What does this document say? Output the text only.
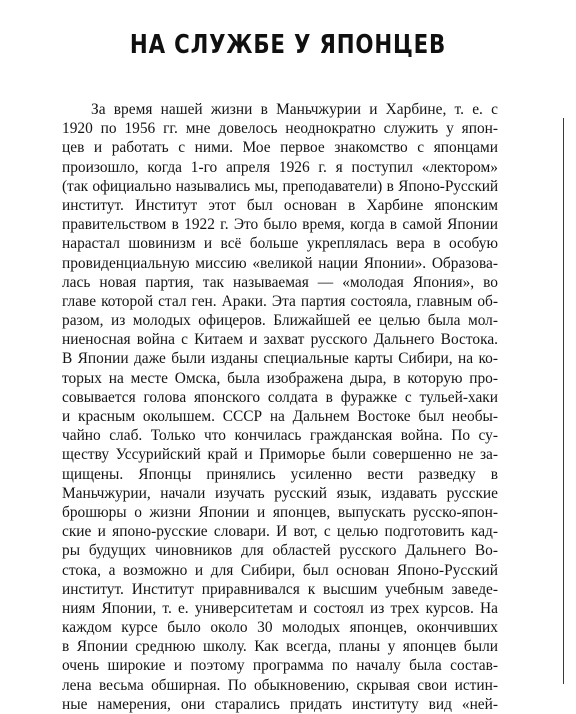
НА СЛУЖБЕ У ЯПОНЦЕВ
За время нашей жизни в Маньчжурии и Харбине, т. е. с
1920 по 1956 гг. мне довелось неоднократно служить у япон-
цев и работать с ними. Мое первое знакомство с японцами
произошло, когда 1-го апреля 1926 г. я поступил «лектором»
(так официально назывались мы, преподаватели) в Японо-Русский
институт. Институт этот был основан в Харбине японским
правительством в 1922 г. Это было время, когда в самой Японии
нарастал шовинизм и всё больше укреплялась вера в особую
провиденциальную миссию «великой нации Японии». Образова-
лась новая партия, так называемая — «молодая Япония», во
главе которой стал ген. Араки. Эта партия состояла, главным об-
разом, из молодых офицеров. Ближайшей ее целью была мол-
ниеносная война с Китаем и захват русского Дальнего Востока.
В Японии даже были изданы специальные карты Сибири, на ко-
торых на месте Омска, была изображена дыра, в которую про-
совывается голова японского солдата в фуражке с тульей-хаки
и красным околышем. СССР на Дальнем Востоке был необы-
чайно слаб. Только что кончилась гражданская война. По су-
ществу Уссурийский край и Приморье были совершенно не за-
щищены. Японцы принялись усиленно вести разведку в
Маньчжурии, начали изучать русский язык, издавать русские
брошюры о жизни Японии и японцев, выпускать русско-япон-
ские и японо-русские словари. И вот, с целью подготовить кад-
ры будущих чиновников для областей русского Дальнего Во-
стока, а возможно и для Сибири, был основан Японо-Русский
институт. Институт приравнивался к высшим учебным заведе-
ниям Японии, т. е. университетам и состоял из трех курсов. На
каждом курсе было около 30 молодых японцев, окончивших
в Японии среднюю школу. Как всегда, планы у японцев были
очень широкие и поэтому программа по началу была состав-
лена весьма обширная. По обыкновению, скрывая свои истин-
ные намерения, они старались придать институту вид «ней-
